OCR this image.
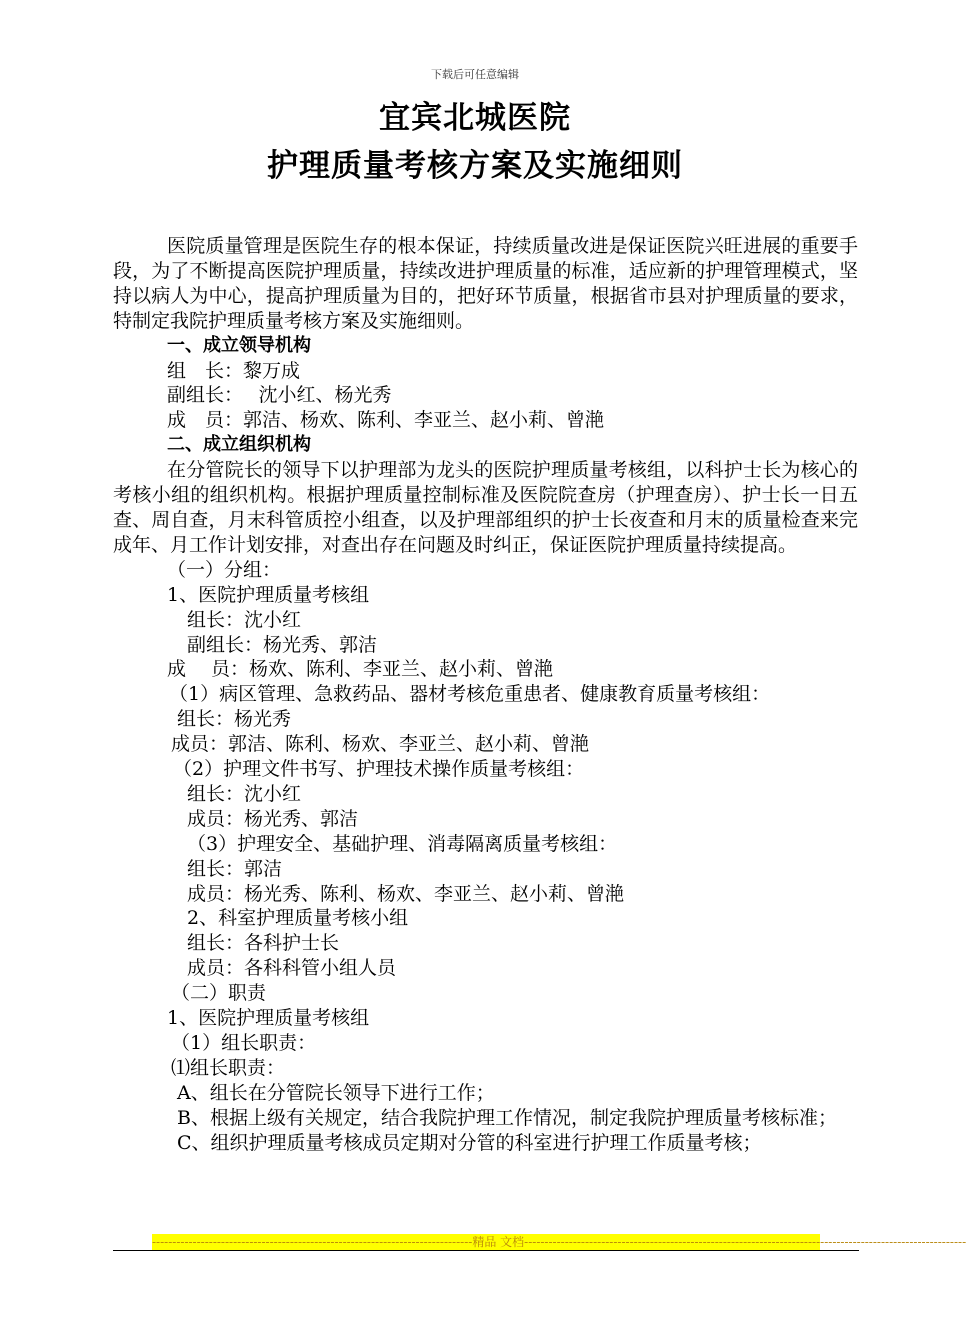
下载后可任意编辑
宜宾北城医院
护理质量考核方案及实施细则

医院质量管理是医院生存的根本保证，持续质量改进是保证医院兴旺进展的重要手段，为了不断提高医院护理质量，持续改进护理质量的标准，适应新的护理管理模式，坚持以病人为中心，提高护理质量为目的，把好环节质量，根据省市县对护理质量的要求，特制定我院护理质量考核方案及实施细则。

一、成立领导机构

组　长：黎万成

副组长：　 沈小红、杨光秀

成　员：郭洁、杨欢、陈利、李亚兰、赵小莉、曾滟

二、成立组织机构

在分管院长的领导下以护理部为龙头的医院护理质量考核组，以科护士长为核心的考核小组的组织机构。根据护理质量控制标准及医院院查房（护理查房）、护士长一日五查、周自查，月末科管质控小组查，以及护理部组织的护士长夜查和月末的质量检查来完成年、月工作计划安排，对查出存在问题及时纠正，保证医院护理质量持续提高。

（一）分组：

1、医院护理质量考核组

组长：沈小红

副组长：杨光秀、郭洁

成　 员：杨欢、陈利、李亚兰、赵小莉、曾滟

（1）病区管理、急救药品、器材考核危重患者、健康教育质量考核组：

组长：杨光秀

成员：郭洁、陈利、杨欢、李亚兰、赵小莉、曾滟

（2）护理文件书写、护理技术操作质量考核组：

组长：沈小红

成员：杨光秀、郭洁

（3）护理安全、基础护理、消毒隔离质量考核组：

组长：郭洁

成员：杨光秀、陈利、杨欢、李亚兰、赵小莉、曾滟

2、科室护理质量考核小组

组长：各科护士长

成员：各科科管小组人员

（二）职责

1、医院护理质量考核组

（1）组长职责：

⑴组长职责：

A、组长在分管院长领导下进行工作；

B、根据上级有关规定，结合我院护理工作情况，制定我院护理质量考核标准；

C、组织护理质量考核成员定期对分管的科室进行护理工作质量考核；

-------------------------------------------------------------------------------精品 文档-------------------------------------------------------------------------------------------------------------
